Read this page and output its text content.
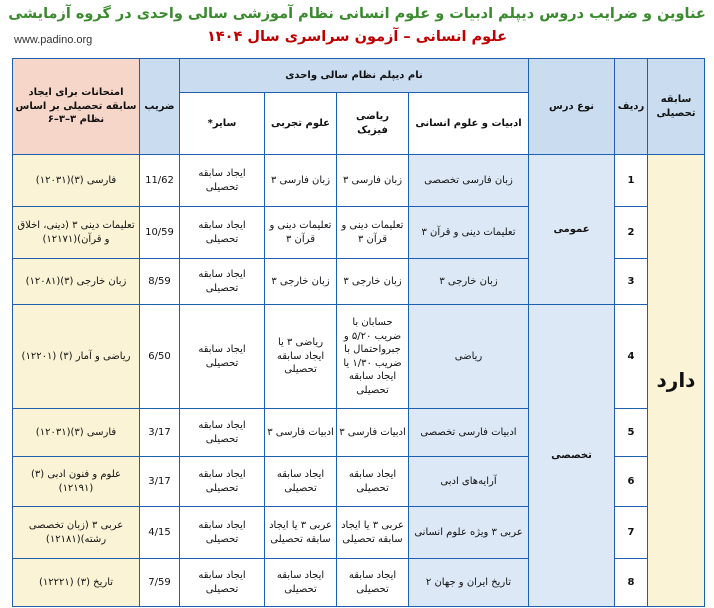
عناوین و ضرایب دروس دیپلم ادبیات و علوم انسانی نظام آموزشی سالی واحدی در گروه آزمایشی
علوم انسانی – آزمون سراسری سال ۱۴۰۴
www.padino.org
سابقه تحصیلی	ردیف	نوع درس	نام دیپلم نظام سالی واحدی				ضریب	امتحانات برای ایجاد سابقه تحصیلی بر اساس نظام ۳–۳–۶
			ادبیات و علوم انسانی	ریاضی فیزیک	علوم تجربی	سایر*		
دارد	1	عمومی	زبان فارسی تخصصی	زبان فارسی ۳	زبان فارسی ۳	ایجاد سابقه تحصیلی	11/62	فارسی (۳)(۱۲۰۳۱)
	2		تعلیمات دینی و قرآن ۳	تعلیمات دینی و قرآن ۳	تعلیمات دینی و قرآن ۳	ایجاد سابقه تحصیلی	10/59	تعلیمات دینی ۳ (دینی، اخلاق و قرآن)(۱۲۱۷۱)
	3		زبان خارجی ۳	زبان خارجی ۳	زبان خارجی ۳	ایجاد سابقه تحصیلی	8/59	زبان خارجی (۳)(۱۲۰۸۱)
	4	تخصصی	ریاضی	حسابان با ضریب ۵/۲۰ و جبرواحتمال با ضریب ۱/۳۰ یا ایجاد سابقه تحصیلی	ریاضی ۳ یا ایجاد سابقه تحصیلی	ایجاد سابقه تحصیلی	6/50	ریاضی و آمار (۳) (۱۲۲۰۱)
	5		ادبیات فارسی تخصصی	ادبیات فارسی ۳	ادبیات فارسی ۳	ایجاد سابقه تحصیلی	3/17	فارسی (۳)(۱۲۰۳۱)
	6		آرایه‌های ادبی	ایجاد سابقه تحصیلی	ایجاد سابقه تحصیلی	ایجاد سابقه تحصیلی	3/17	علوم و فنون ادبی (۳) (۱۲۱۹۱)
	7		عربی ۳ ویژه علوم انسانی	عربی ۳ یا ایجاد سابقه تحصیلی	عربی ۳ یا ایجاد سابقه تحصیلی	ایجاد سابقه تحصیلی	4/15	عربی ۳ (زبان تخصصی رشته)(۱۲۱۸۱)
	8		تاریخ ایران و جهان ۲	ایجاد سابقه تحصیلی	ایجاد سابقه تحصیلی	ایجاد سابقه تحصیلی	7/59	تاریخ (۳) (۱۲۲۲۱)
